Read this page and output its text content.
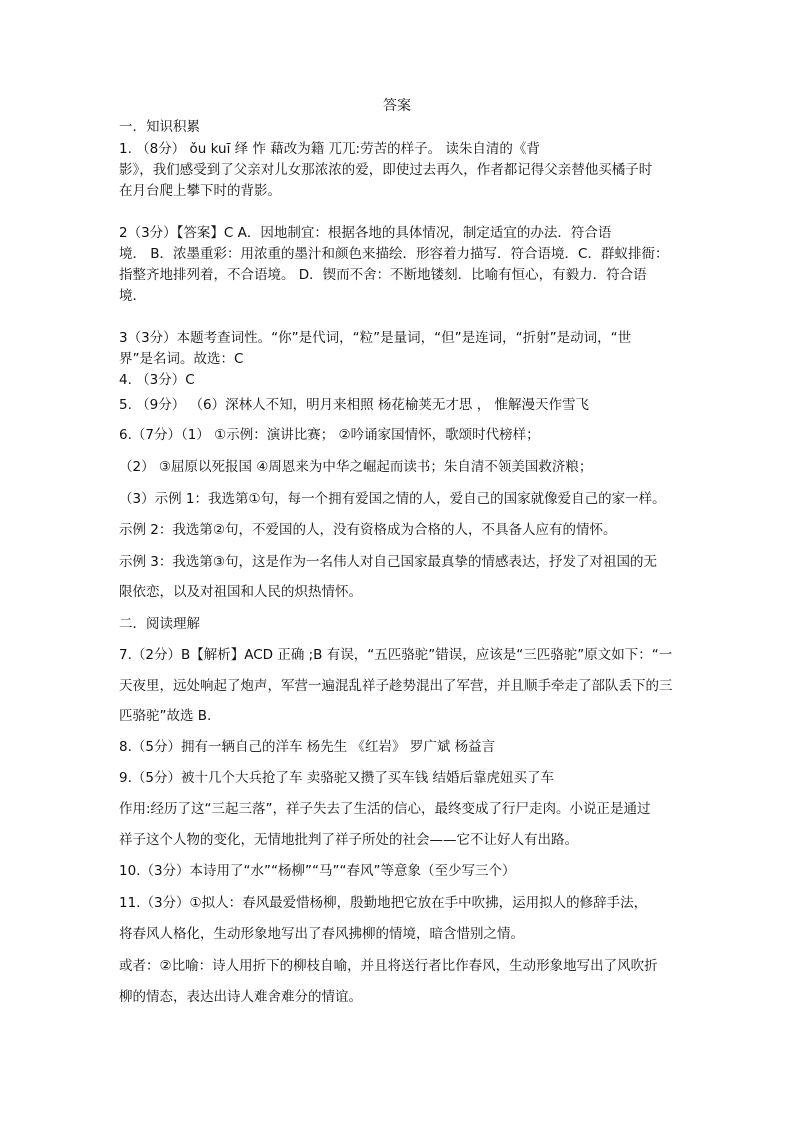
答案
一．知识积累
1. （8分） ǒu kuī 绎 怍 藉改为籍 兀兀:劳苦的样子。 读朱自清的《背
影》，我们感受到了父亲对儿女那浓浓的爱，即使过去再久，作者都记得父亲替他买橘子时
在月台爬上攀下时的背影。
2（3分）【答案】C A．因地制宜：根据各地的具体情况，制定适宜的办法．符合语
境． B．浓墨重彩：用浓重的墨汁和颜色来描绘．形容着力描写．符合语境．C．群蚁排衙：
指整齐地排列着，不合语境。 D．锲而不舍：不断地镂刻．比喻有恒心，有毅力．符合语
境．
3（3分）本题考查词性。“你”是代词，“粒”是量词，“但”是连词，“折射”是动词，“世
界”是名词。故选：C
4. （3分）C
5. （9分） （6）深林人不知，明月来相照 杨花榆荚无才思 ， 惟解漫天作雪飞
6.（7分）（1） ①示例：演讲比赛； ②吟诵家国情怀，歌颂时代榜样；
（2） ③屈原以死报国 ④周恩来为中华之崛起而读书；朱自清不领美国救济粮；
（3）示例 1：我选第①句，每一个拥有爱国之情的人，爱自己的国家就像爱自己的家一样。
示例 2：我选第②句，不爱国的人，没有资格成为合格的人，不具备人应有的情怀。
示例 3：我选第③句，这是作为一名伟人对自己国家最真挚的情感表达，抒发了对祖国的无
限依恋，以及对祖国和人民的炽热情怀。
二．阅读理解
7.（2分）B【解析】ACD 正确 ;B 有误，“五匹骆驼”错误，应该是“三匹骆驼”原文如下：“一
天夜里，远处响起了炮声，军营一遍混乱祥子趁势混出了军营，并且顺手牵走了部队丢下的三
匹骆驼”故选 B.
8.（5分）拥有一辆自己的洋车 杨先生 《红岩》 罗广斌 杨益言
9.（5分）被十几个大兵抢了车 卖骆驼又攒了买车钱 结婚后靠虎妞买了车
作用:经历了这“三起三落”，祥子失去了生活的信心，最终变成了行尸走肉。小说正是通过
祥子这个人物的变化，无情地批判了祥子所处的社会——它不让好人有出路。
10.（3分）本诗用了“水”“杨柳”“马”“春风”等意象（至少写三个）
11.（3分）①拟人：春风最爱惜杨柳，殷勤地把它放在手中吹拂，运用拟人的修辞手法，
将春风人格化，生动形象地写出了春风拂柳的情境，暗含惜别之情。
或者：②比喻：诗人用折下的柳枝自喻，并且将送行者比作春风，生动形象地写出了风吹折
柳的情态，表达出诗人难舍难分的情谊。
